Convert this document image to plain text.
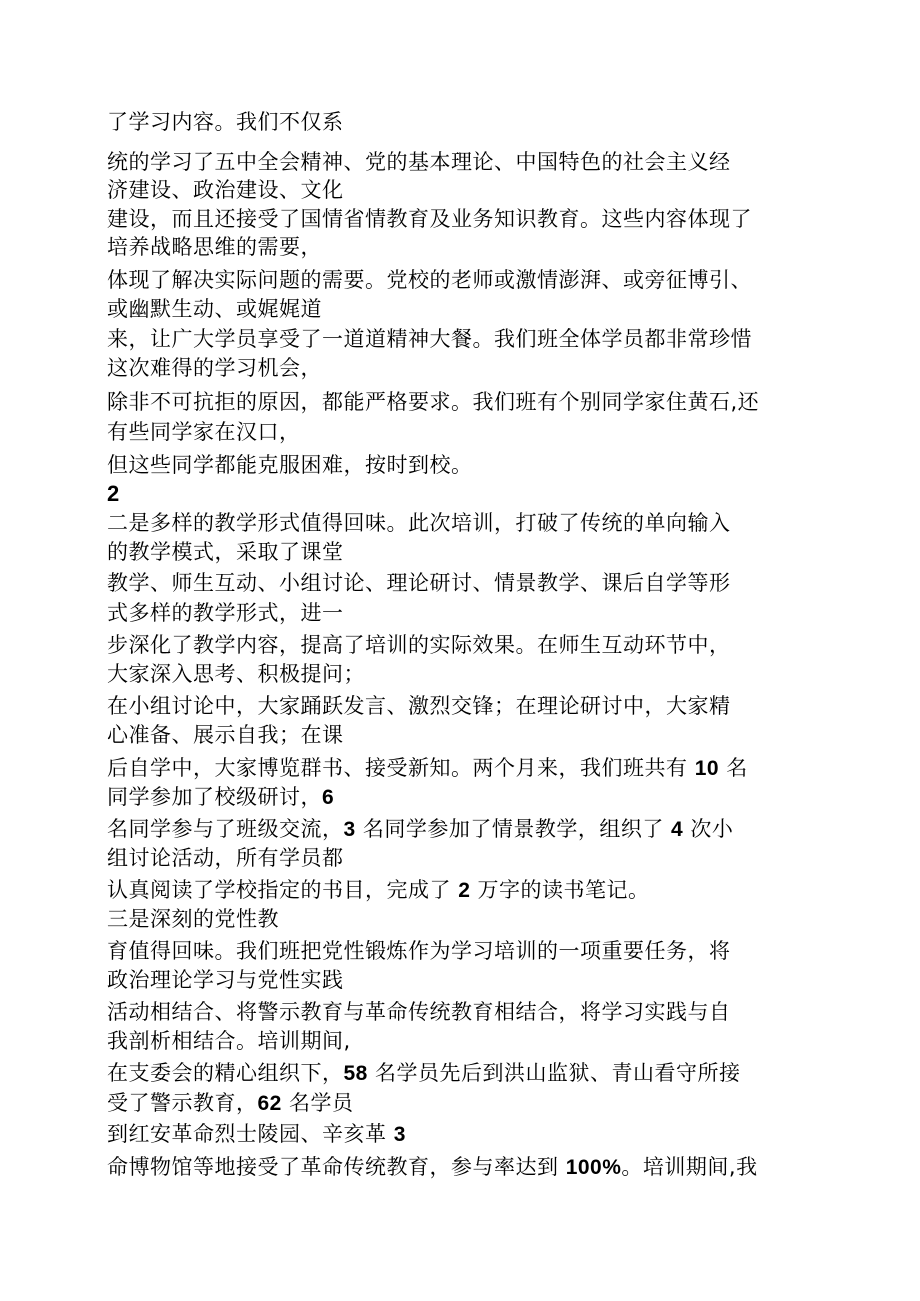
了学习内容。我们不仅系

统的学习了五中全会精神、党的基本理论、中国特色的社会主义经

济建设、政治建设、文化

建设，而且还接受了国情省情教育及业务知识教育。这些内容体现了

培养战略思维的需要，

体现了解决实际问题的需要。党校的老师或激情澎湃、或旁征博引、

或幽默生动、或娓娓道

来，让广大学员享受了一道道精神大餐。我们班全体学员都非常珍惜

这次难得的学习机会，

除非不可抗拒的原因，都能严格要求。我们班有个别同学家住黄石,还

有些同学家在汉口，

但这些同学都能克服困难，按时到校。

2

二是多样的教学形式值得回味。此次培训，打破了传统的单向输入

的教学模式，采取了课堂

教学、师生互动、小组讨论、理论研讨、情景教学、课后自学等形

式多样的教学形式，进一

步深化了教学内容，提高了培训的实际效果。在师生互动环节中，

大家深入思考、积极提问；

在小组讨论中，大家踊跃发言、激烈交锋；在理论研讨中，大家精

心准备、展示自我；在课

后自学中，大家博览群书、接受新知。两个月来，我们班共有 10 名

同学参加了校级研讨，6

名同学参与了班级交流，3 名同学参加了情景教学，组织了 4 次小

组讨论活动，所有学员都

认真阅读了学校指定的书目，完成了 2 万字的读书笔记。

三是深刻的党性教

育值得回味。我们班把党性锻炼作为学习培训的一项重要任务，将

政治理论学习与党性实践

活动相结合、将警示教育与革命传统教育相结合，将学习实践与自

我剖析相结合。培训期间,

在支委会的精心组织下，58 名学员先后到洪山监狱、青山看守所接

受了警示教育，62 名学员

到红安革命烈士陵园、辛亥革 3

命博物馆等地接受了革命传统教育，参与率达到 100%。培训期间,我
